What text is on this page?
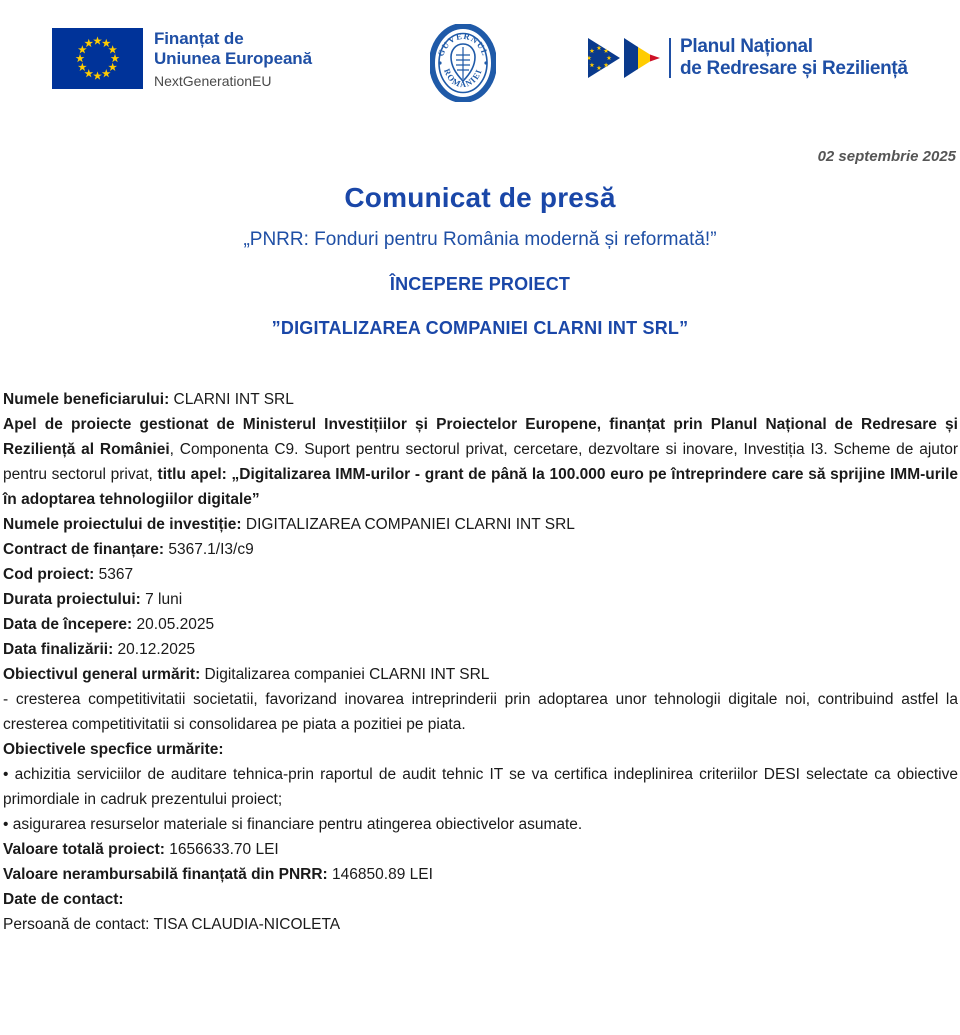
Finanțat de
Uniunea Europeană
NextGenerationEU
GUVERNUL
ROMÂNIEI
Planul Național
de Redresare și Reziliență
02 septembrie 2025
Comunicat de presă
„PNRR: Fonduri pentru România modernă și reformată!”
ÎNCEPERE PROIECT
”DIGITALIZAREA COMPANIEI CLARNI INT SRL”

Numele beneficiarului: CLARNI INT SRL

Apel de proiecte gestionat de Ministerul Investițiilor și Proiectelor Europene, finanțat prin Planul Național de Redresare și Reziliență al României, Componenta C9. Suport pentru sectorul privat, cercetare, dezvoltare si inovare, Investiția I3. Scheme de ajutor pentru sectorul privat, titlu apel: „Digitalizarea IMM-urilor - grant de până la 100.000 euro pe întreprindere care să sprijine IMM-urile în adoptarea tehnologiilor digitale”

Numele proiectului de investiție: DIGITALIZAREA COMPANIEI CLARNI INT SRL

Contract de finanțare: 5367.1/I3/c9

Cod proiect: 5367

Durata proiectului: 7 luni

Data de începere: 20.05.2025

Data finalizării: 20.12.2025

Obiectivul general urmărit: Digitalizarea companiei CLARNI INT SRL

- cresterea competitivitatii societatii, favorizand inovarea intreprinderii prin adoptarea unor tehnologii digitale noi, contribuind astfel la cresterea competitivitatii si consolidarea pe piata a pozitiei pe piata.

Obiectivele specfice urmărite:

• achizitia serviciilor de auditare tehnica-prin raportul de audit tehnic IT se va certifica indeplinirea criteriilor DESI selectate ca obiective primordiale in cadruk prezentului proiect;

• asigurarea resurselor materiale si financiare pentru atingerea obiectivelor asumate.

Valoare totală proiect: 1656633.70 LEI

Valoare nerambursabilă finanțată din PNRR: 146850.89 LEI

Date de contact:

Persoană de contact: TISA CLAUDIA-NICOLETA
